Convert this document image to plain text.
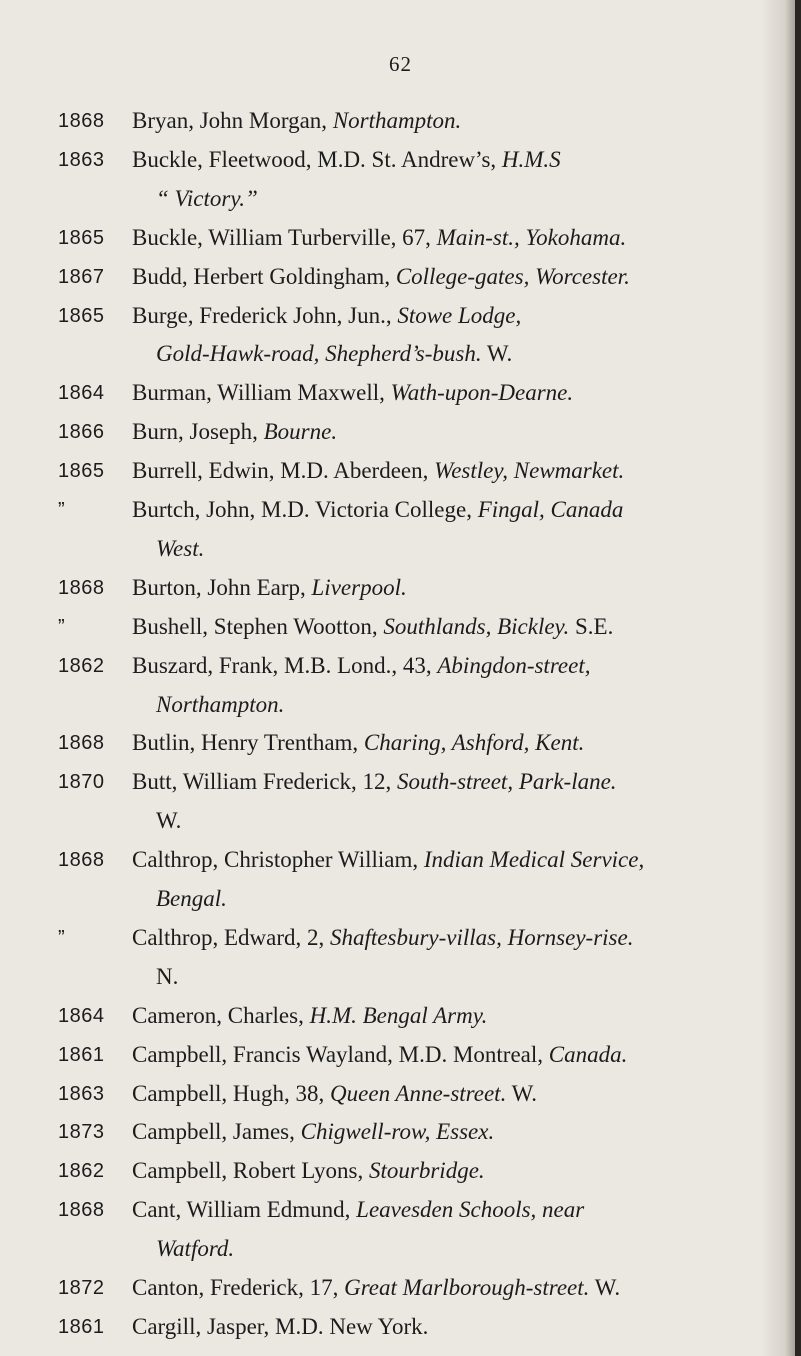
62
1868	Bryan, John Morgan, Northampton.
1863	Buckle, Fleetwood, M.D. St. Andrew’s, H.M.S
“ Victory.”
1865	Buckle, William Turberville, 67, Main-st., Yokohama.
1867	Budd, Herbert Goldingham, College-gates, Worcester.
1865	Burge, Frederick John, Jun., Stowe Lodge,
Gold-Hawk-road, Shepherd’s-bush. W.
1864	Burman, William Maxwell, Wath-upon-Dearne.
1866	Burn, Joseph, Bourne.
1865	Burrell, Edwin, M.D. Aberdeen, Westley, Newmarket.
”	Burtch, John, M.D. Victoria College, Fingal, Canada
West.
1868	Burton, John Earp, Liverpool.
”	Bushell, Stephen Wootton, Southlands, Bickley. S.E.
1862	Buszard, Frank, M.B. Lond., 43, Abingdon-street,
Northampton.
1868	Butlin, Henry Trentham, Charing, Ashford, Kent.
1870	Butt, William Frederick, 12, South-street, Park-lane.
W.
1868	Calthrop, Christopher William, Indian Medical Service,
Bengal.
”	Calthrop, Edward, 2, Shaftesbury-villas, Hornsey-rise.
N.
1864	Cameron, Charles, H.M. Bengal Army.
1861	Campbell, Francis Wayland, M.D. Montreal, Canada.
1863	Campbell, Hugh, 38, Queen Anne-street. W.
1873	Campbell, James, Chigwell-row, Essex.
1862	Campbell, Robert Lyons, Stourbridge.
1868	Cant, William Edmund, Leavesden Schools, near
Watford.
1872	Canton, Frederick, 17, Great Marlborough-street. W.
1861	Cargill, Jasper, M.D. New York.
